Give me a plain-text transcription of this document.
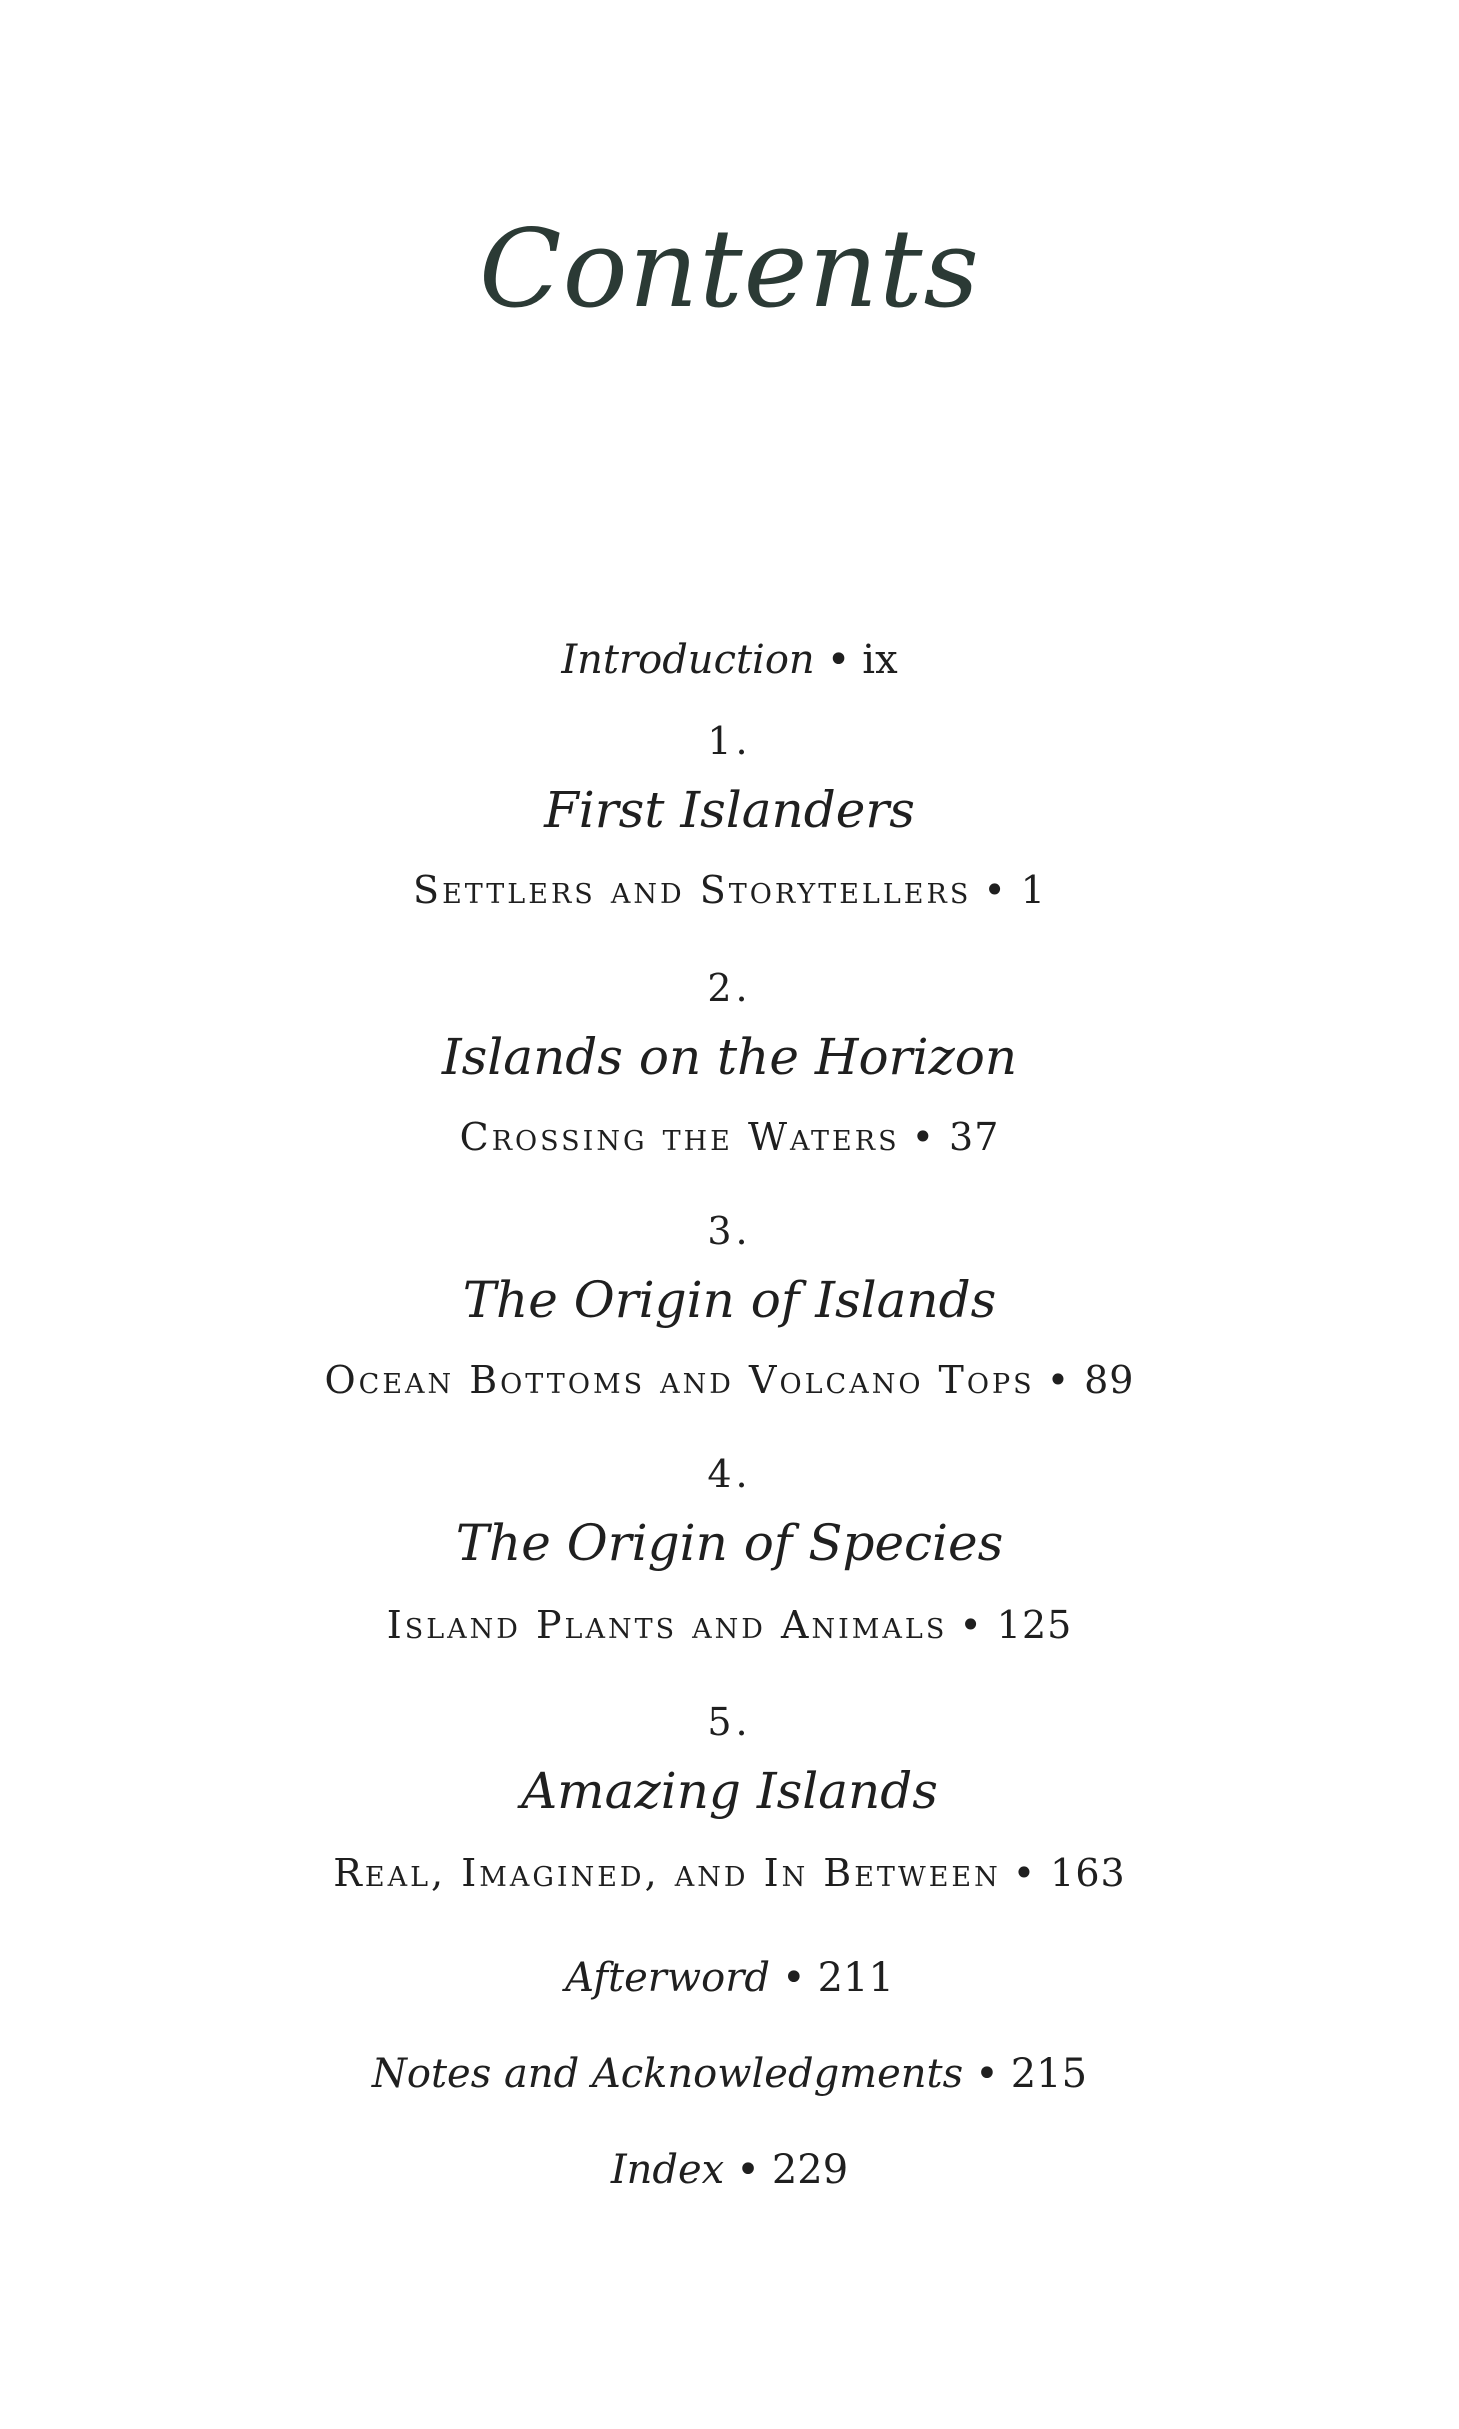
Contents
Introduction • ix
1.
First Islanders
Settlers and Storytellers • 1
2.
Islands on the Horizon
Crossing the Waters • 37
3.
The Origin of Islands
Ocean Bottoms and Volcano Tops • 89
4.
The Origin of Species
Island Plants and Animals • 125
5.
Amazing Islands
Real, Imagined, and In Between • 163
Afterword • 211
Notes and Acknowledgments • 215
Index • 229
